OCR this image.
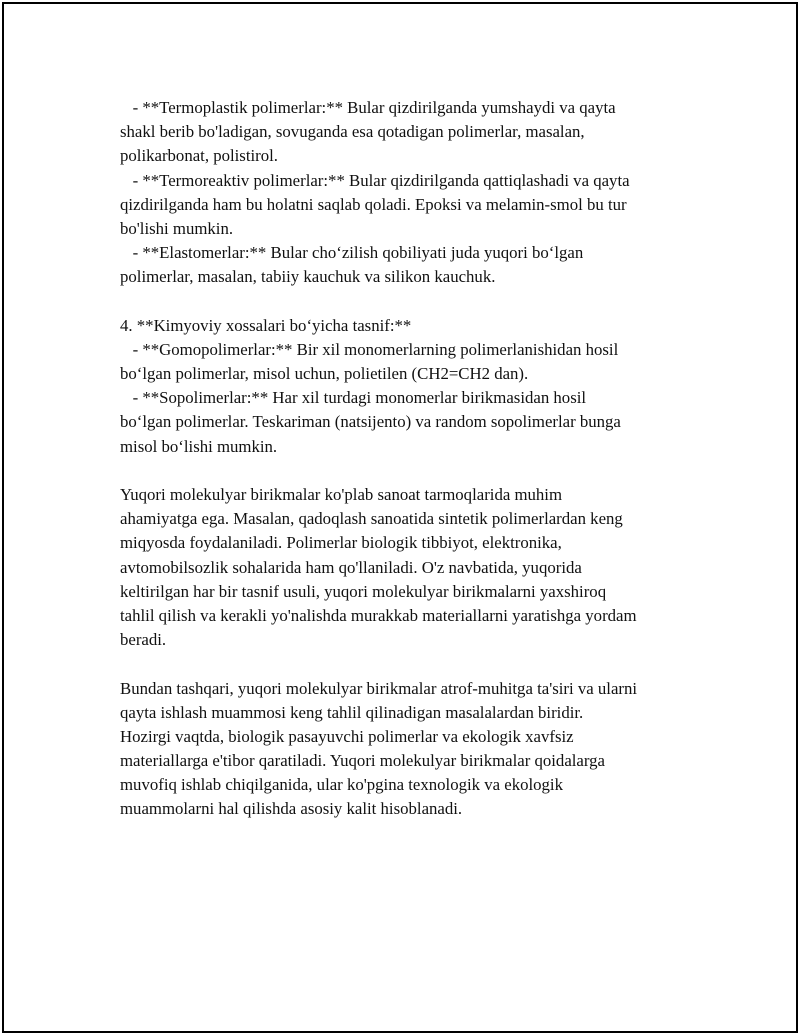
- **Termoplastik polimerlar:** Bular qizdirilganda yumshaydi va qayta
shakl berib bo'ladigan, sovuganda esa qotadigan polimerlar, masalan,
polikarbonat, polistirol.
- **Termoreaktiv polimerlar:** Bular qizdirilganda qattiqlashadi va qayta
qizdirilganda ham bu holatni saqlab qoladi. Epoksi va melamin-smol bu tur
bo'lishi mumkin.
- **Elastomerlar:** Bular cho‘zilish qobiliyati juda yuqori bo‘lgan
polimerlar, masalan, tabiiy kauchuk va silikon kauchuk.
4. **Kimyoviy xossalari bo‘yicha tasnif:**
- **Gomopolimerlar:** Bir xil monomerlarning polimerlanishidan hosil
bo‘lgan polimerlar, misol uchun, polietilen (CH2=CH2 dan).
- **Sopolimerlar:** Har xil turdagi monomerlar birikmasidan hosil
bo‘lgan polimerlar. Teskariman (natsijento) va random sopolimerlar bunga
misol bo‘lishi mumkin.
Yuqori molekulyar birikmalar ko'plab sanoat tarmoqlarida muhim
ahamiyatga ega. Masalan, qadoqlash sanoatida sintetik polimerlardan keng
miqyosda foydalaniladi. Polimerlar biologik tibbiyot, elektronika,
avtomobilsozlik sohalarida ham qo'llaniladi. O'z navbatida, yuqorida
keltirilgan har bir tasnif usuli, yuqori molekulyar birikmalarni yaxshiroq
tahlil qilish va kerakli yo'nalishda murakkab materiallarni yaratishga yordam
beradi.
Bundan tashqari, yuqori molekulyar birikmalar atrof-muhitga ta'siri va ularni
qayta ishlash muammosi keng tahlil qilinadigan masalalardan biridir.
Hozirgi vaqtda, biologik pasayuvchi polimerlar va ekologik xavfsiz
materiallarga e'tibor qaratiladi. Yuqori molekulyar birikmalar qoidalarga
muvofiq ishlab chiqilganida, ular ko'pgina texnologik va ekologik
muammolarni hal qilishda asosiy kalit hisoblanadi.
